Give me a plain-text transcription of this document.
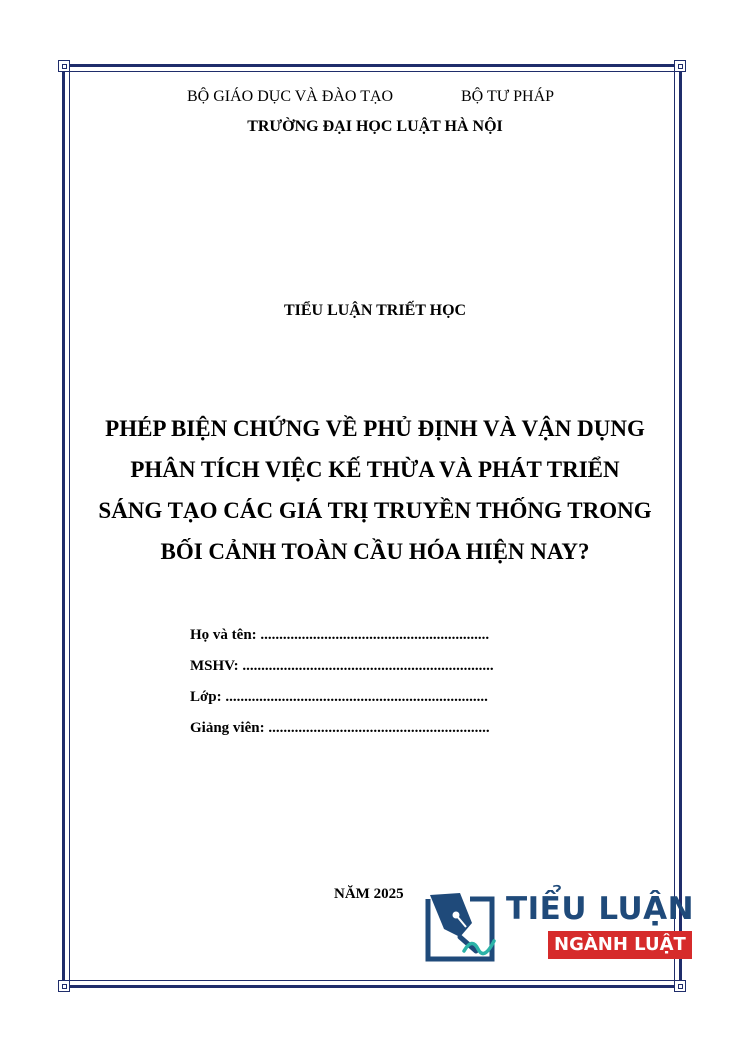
BỘ GIÁO DỤC VÀ ĐÀO TẠO	BỘ TƯ PHÁP
TRƯỜNG ĐẠI HỌC LUẬT HÀ NỘI
TIỂU LUẬN TRIẾT HỌC
PHÉP BIỆN CHỨNG VỀ PHỦ ĐỊNH VÀ VẬN DỤNG
PHÂN TÍCH VIỆC KẾ THỪA VÀ PHÁT TRIỂN
SÁNG TẠO CÁC GIÁ TRỊ TRUYỀN THỐNG TRONG
BỐI CẢNH TOÀN CẦU HÓA HIỆN NAY?
Họ và tên: .............................................................
MSHV: ...................................................................
Lớp: ......................................................................
Giảng viên: ...........................................................
NĂM 2025	TIỂU LUẬN
NGÀNH LUẬT
